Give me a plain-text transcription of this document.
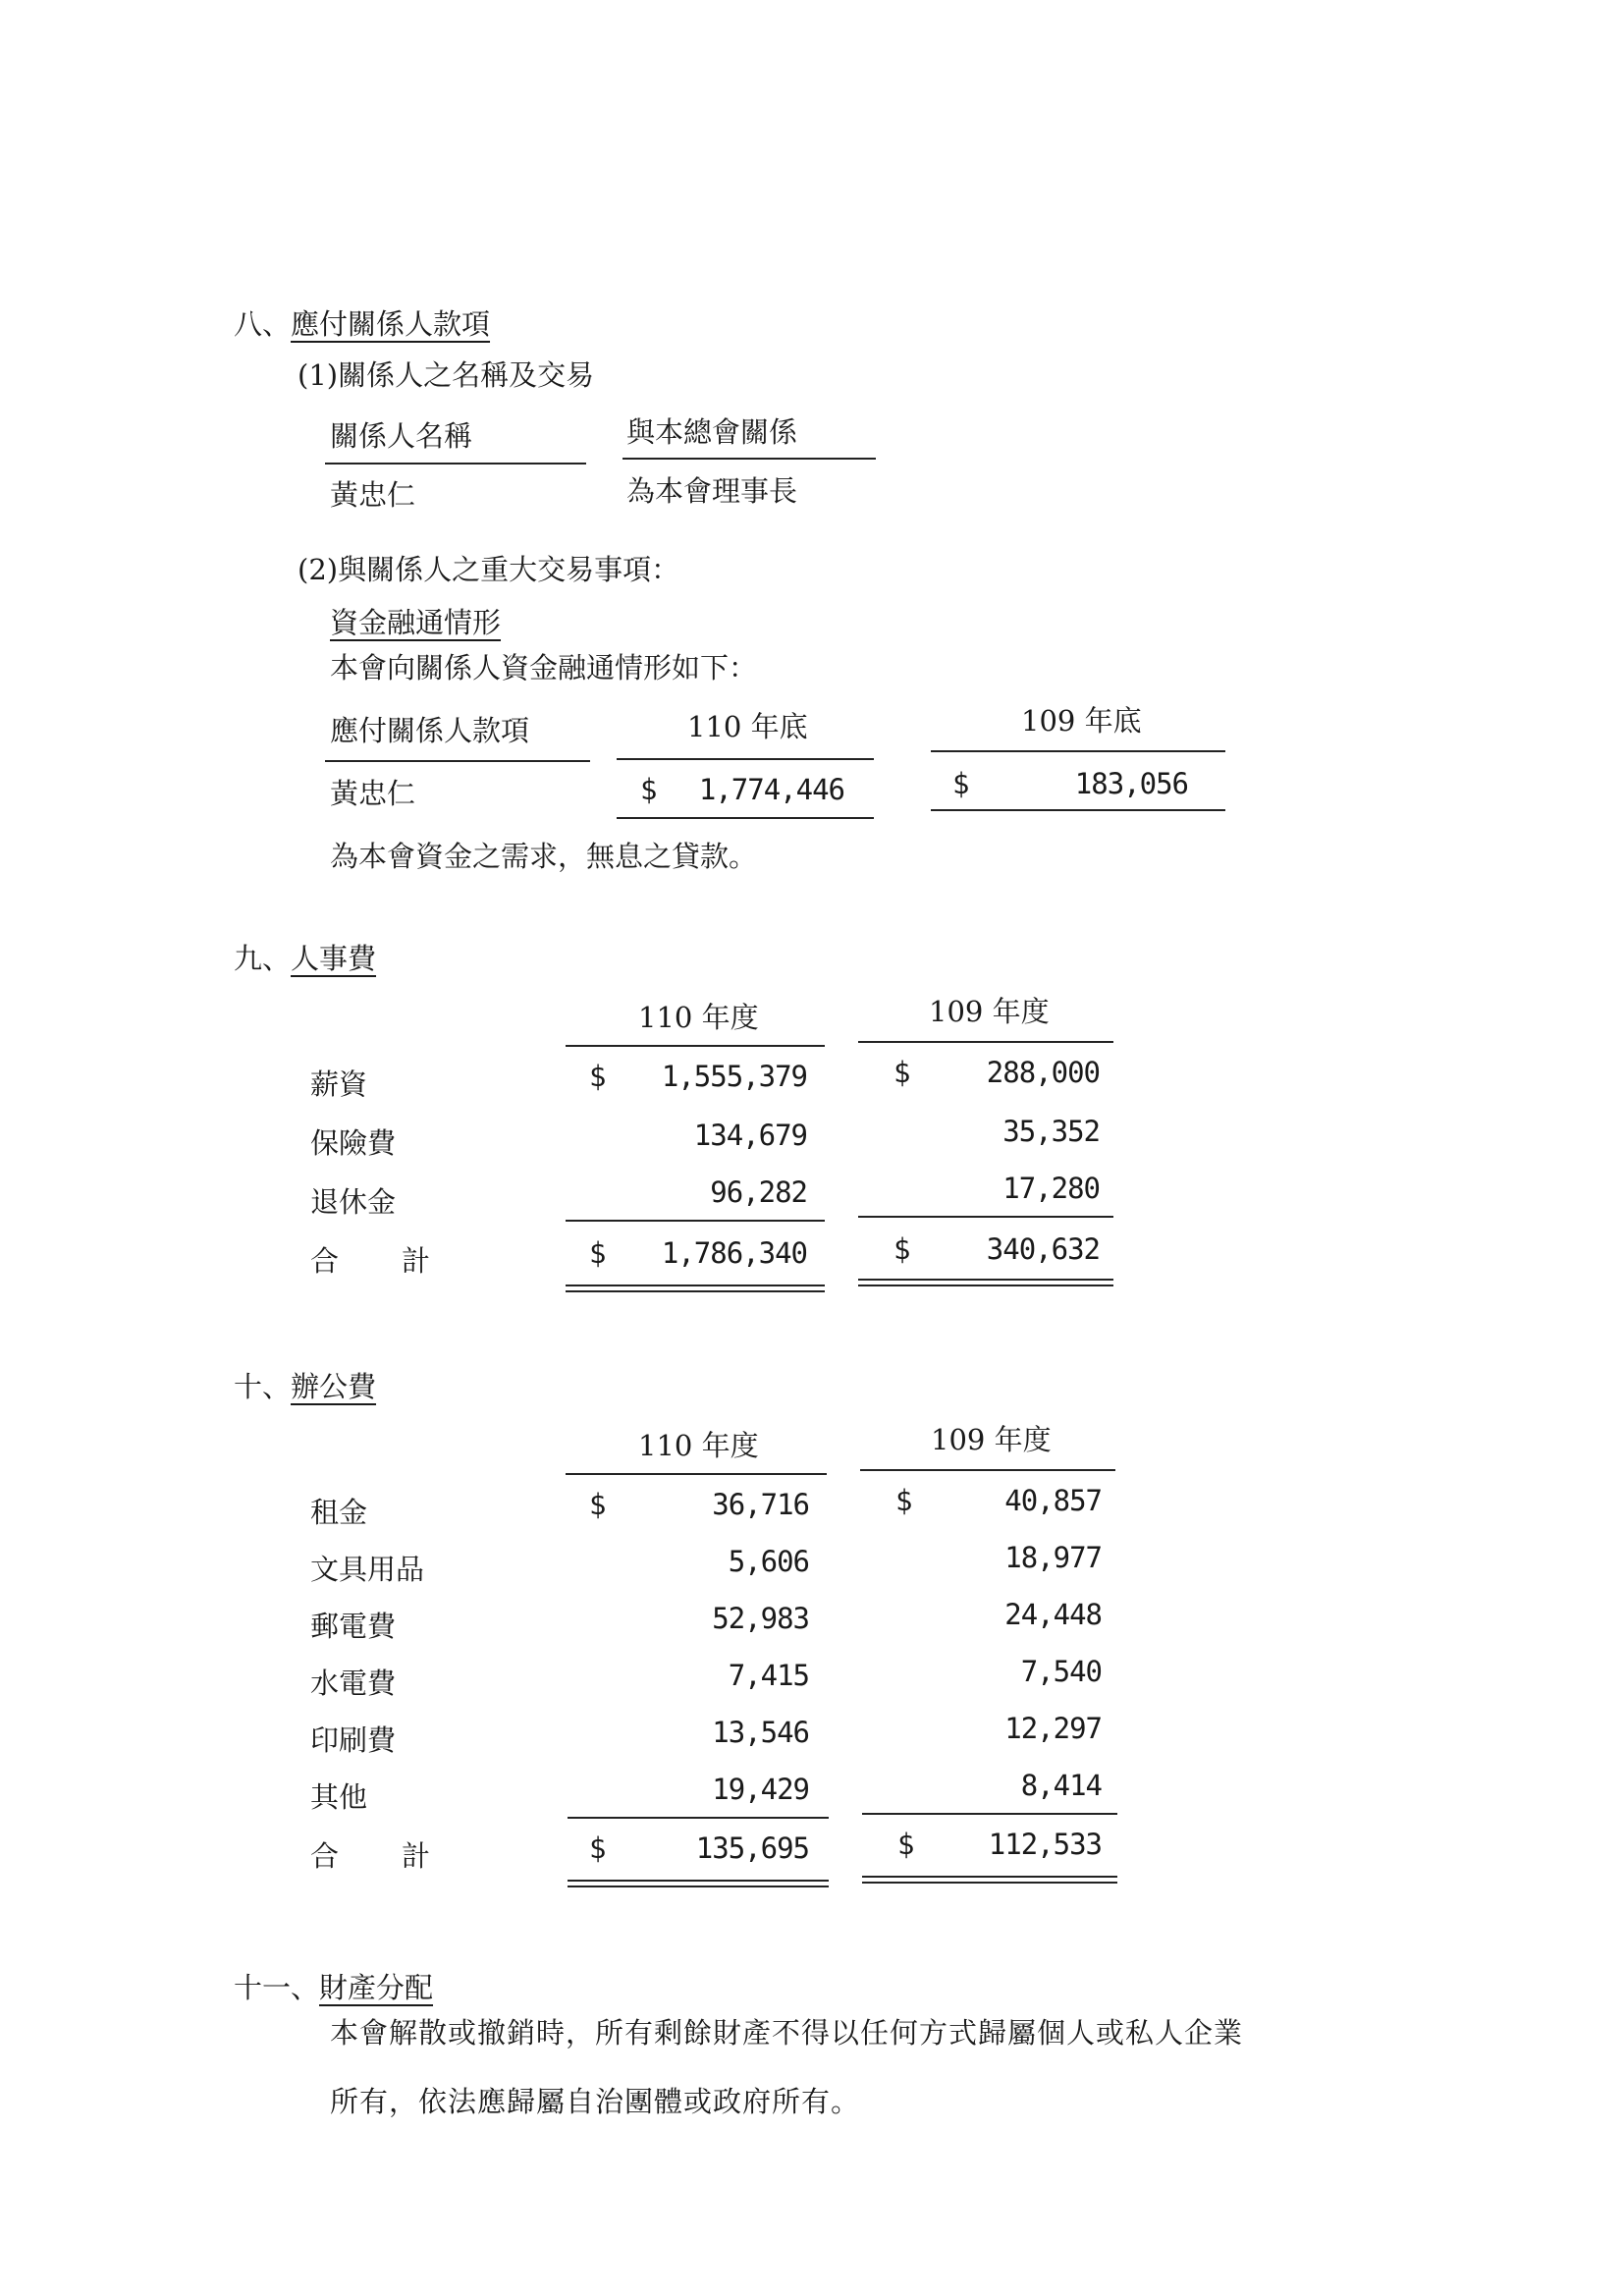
八、應付關係人款項
(1)關係人之名稱及交易
關係人名稱	與本總會關係
黃忠仁	為本會理事長
(2)與關係人之重大交易事項：
資金融通情形
本會向關係人資金融通情形如下：
應付關係人款項	110 年底	109 年底
黃忠仁	$	1,774,446	$	183,056
為本會資金之需求，無息之貸款。
九、人事費
110 年度	109 年度
薪資	$	1,555,379	$	288,000
保險費	134,679	35,352
退休金	96,282	17,280
合　　計	$	1,786,340	$	340,632
十、辦公費
110 年度	109 年度
租金	$	36,716	$	40,857
文具用品	5,606	18,977
郵電費	52,983	24,448
水電費	7,415	7,540
印刷費	13,546	12,297
其他	19,429	8,414
合　　計	$	135,695	$	112,533
十一、財產分配
本會解散或撤銷時，所有剩餘財產不得以任何方式歸屬個人或私人企業
所有，依法應歸屬自治團體或政府所有。
